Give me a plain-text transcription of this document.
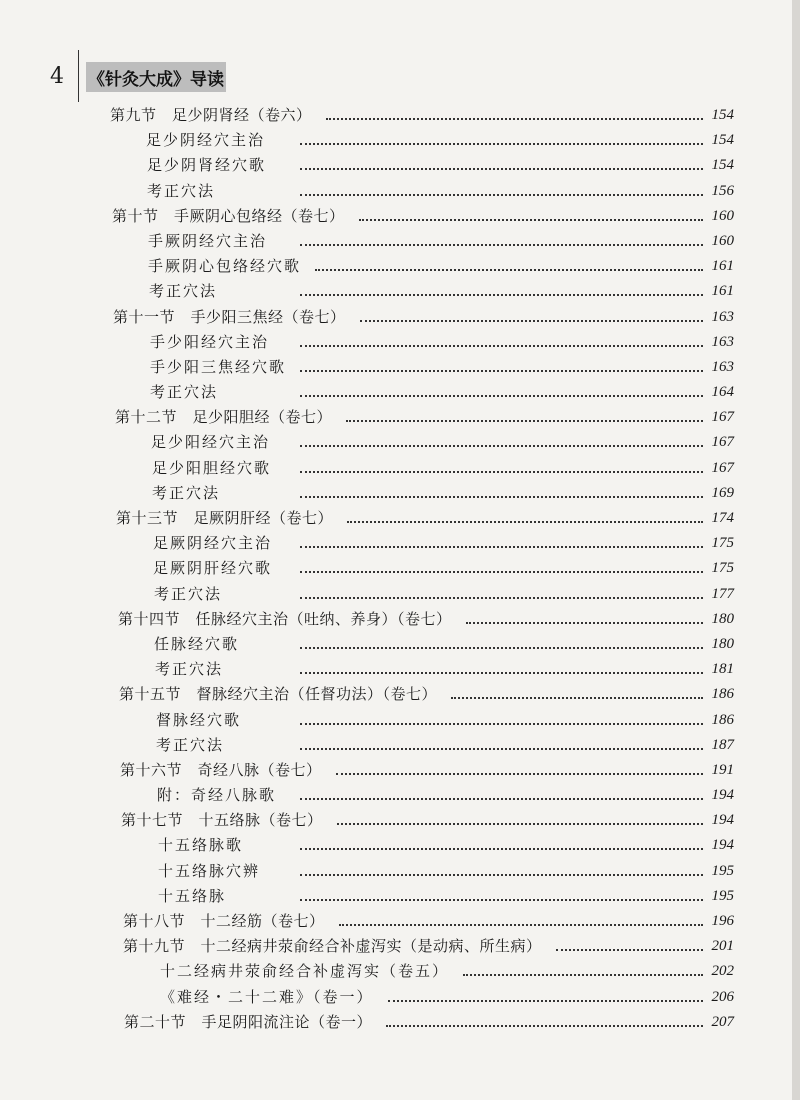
4 《针灸大成》导读
第九节　足少阴肾经（卷六）	154
足少阴经穴主治	154
足少阴肾经穴歌	154
考正穴法	156
第十节　手厥阴心包络经（卷七）	160
手厥阴经穴主治	160
手厥阴心包络经穴歌	161
考正穴法	161
第十一节　手少阳三焦经（卷七）	163
手少阳经穴主治	163
手少阳三焦经穴歌	163
考正穴法	164
第十二节　足少阳胆经（卷七）	167
足少阳经穴主治	167
足少阳胆经穴歌	167
考正穴法	169
第十三节　足厥阴肝经（卷七）	174
足厥阴经穴主治	175
足厥阴肝经穴歌	175
考正穴法	177
第十四节　任脉经穴主治（吐纳、养身）（卷七）	180
任脉经穴歌	180
考正穴法	181
第十五节　督脉经穴主治（任督功法）（卷七）	186
督脉经穴歌	186
考正穴法	187
第十六节　奇经八脉（卷七）	191
附：奇经八脉歌	194
第十七节　十五络脉（卷七）	194
十五络脉歌	194
十五络脉穴辨	195
十五络脉	195
第十八节　十二经筋（卷七）	196
第十九节　十二经病井荥俞经合补虚泻实（是动病、所生病）	201
十二经病井荥俞经合补虚泻实（卷五）	202
《难经・二十二难》（卷一）	206
第二十节　手足阴阳流注论（卷一）	207
